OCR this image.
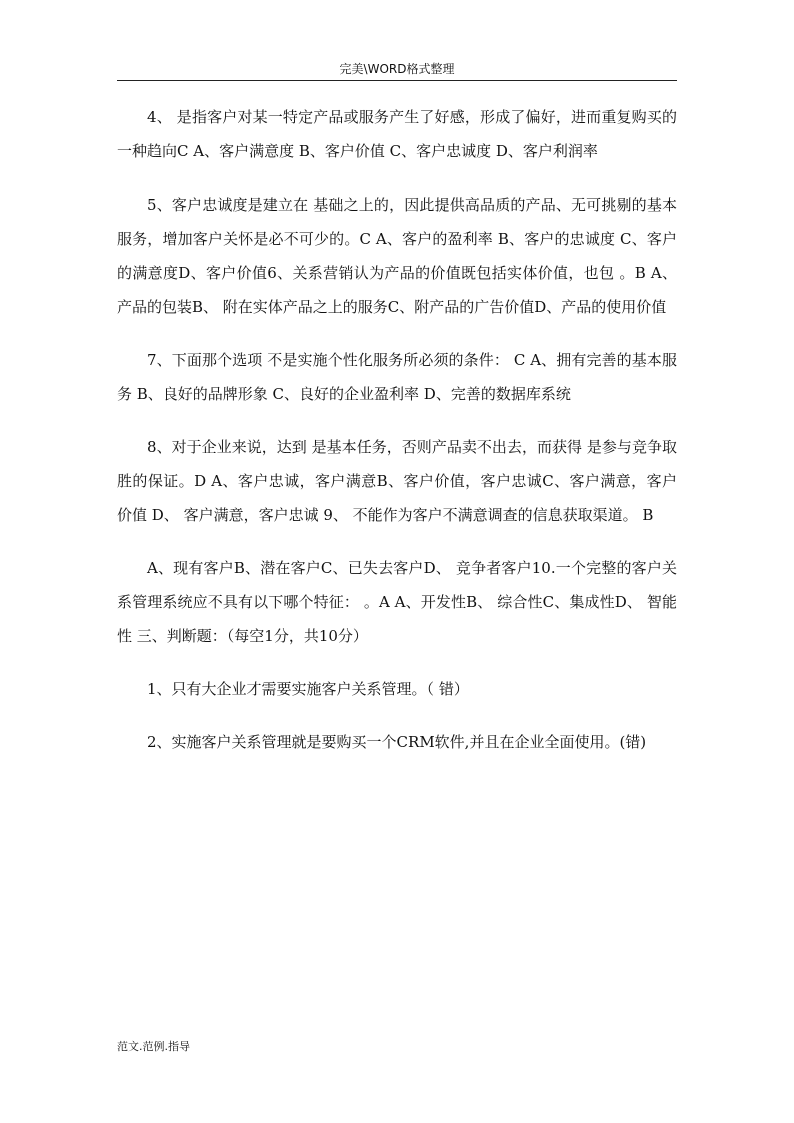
完美\WORD格式整理

4、 是指客户对某一特定产品或服务产生了好感，形成了偏好，进而重复购买的一种趋向C A、客户满意度 B、客户价值 C、客户忠诚度 D、客户利润率

5、客户忠诚度是建立在 基础之上的，因此提供高品质的产品、无可挑剔的基本服务，增加客户关怀是必不可少的。C A、客户的盈利率 B、客户的忠诚度 C、客户的满意度D、客户价值6、关系营销认为产品的价值既包括实体价值，也包 。B A、产品的包装B、 附在实体产品之上的服务C、附产品的广告价值D、产品的使用价值

7、下面那个选项 不是实施个性化服务所必须的条件： C A、拥有完善的基本服务 B、良好的品牌形象 C、良好的企业盈利率 D、完善的数据库系统

8、对于企业来说，达到 是基本任务，否则产品卖不出去，而获得 是参与竞争取胜的保证。D A、客户忠诚，客户满意B、客户价值，客户忠诚C、客户满意，客户价值 D、 客户满意，客户忠诚 9、 不能作为客户不满意调查的信息获取渠道。 B

A、现有客户B、潜在客户C、已失去客户D、 竞争者客户10.一个完整的客户关系管理系统应不具有以下哪个特征： 。A A、开发性B、 综合性C、集成性D、 智能性 三、判断题：（每空1分，共10分）

1、只有大企业才需要实施客户关系管理。（ 错）

2、实施客户关系管理就是要购买一个CRM软件,并且在企业全面使用。(错)

范文.范例.指导
